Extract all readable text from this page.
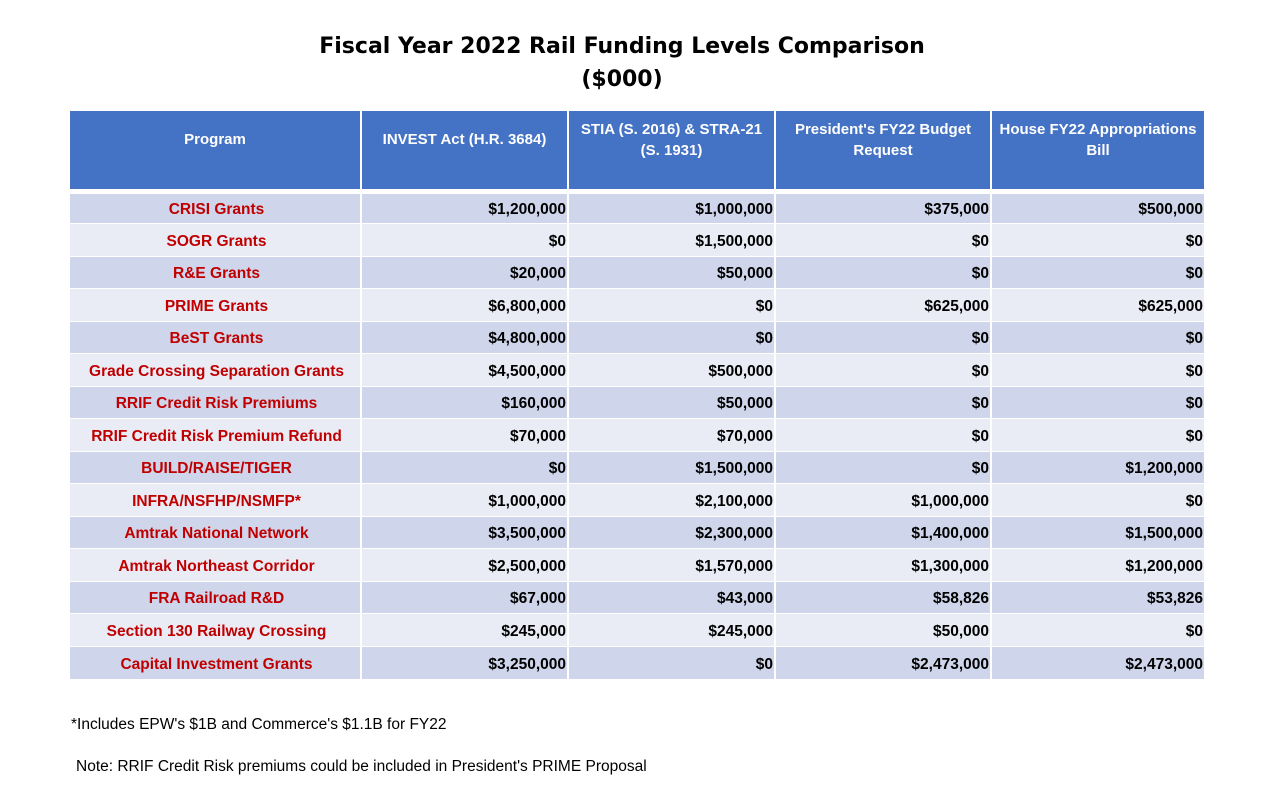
Fiscal Year 2022 Rail Funding Levels Comparison
($000)
Program	INVEST Act (H.R. 3684)	STIA (S. 2016) & STRA-21 (S. 1931)	President's FY22 Budget Request	House FY22 Appropriations Bill
CRISI Grants	$1,200,000	$1,000,000	$375,000	$500,000
SOGR Grants	$0	$1,500,000	$0	$0
R&E Grants	$20,000	$50,000	$0	$0
PRIME Grants	$6,800,000	$0	$625,000	$625,000
BeST Grants	$4,800,000	$0	$0	$0
Grade Crossing Separation Grants	$4,500,000	$500,000	$0	$0
RRIF Credit Risk Premiums	$160,000	$50,000	$0	$0
RRIF Credit Risk Premium Refund	$70,000	$70,000	$0	$0
BUILD/RAISE/TIGER	$0	$1,500,000	$0	$1,200,000
INFRA/NSFHP/NSMFP*	$1,000,000	$2,100,000	$1,000,000	$0
Amtrak National Network	$3,500,000	$2,300,000	$1,400,000	$1,500,000
Amtrak Northeast Corridor	$2,500,000	$1,570,000	$1,300,000	$1,200,000
FRA Railroad R&D	$67,000	$43,000	$58,826	$53,826
Section 130 Railway Crossing	$245,000	$245,000	$50,000	$0
Capital Investment Grants	$3,250,000	$0	$2,473,000	$2,473,000
*Includes EPW's $1B and Commerce's $1.1B for FY22
Note: RRIF Credit Risk premiums could be included in President's PRIME Proposal
